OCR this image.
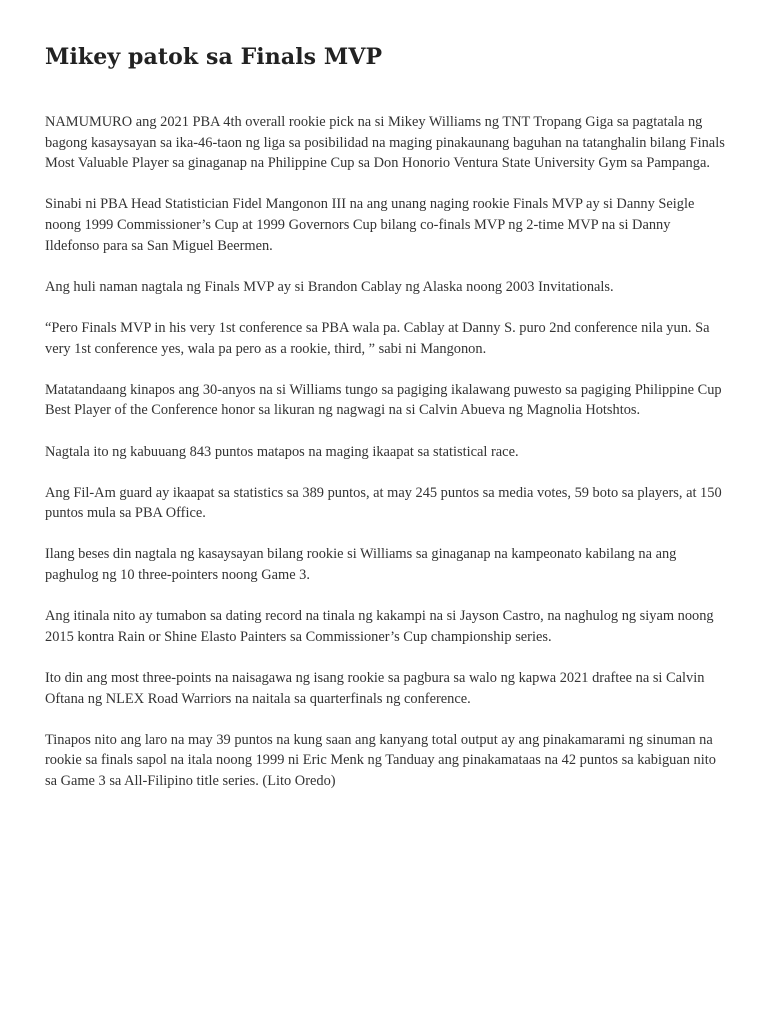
Mikey patok sa Finals MVP

NAMUMURO ang 2021 PBA 4th overall rookie pick na si Mikey Williams ng TNT Tropang Giga sa pagtatala ng bagong kasaysayan sa ika-46-taon ng liga sa posibilidad na maging pinakaunang baguhan na tatanghalin bilang Finals Most Valuable Player sa ginaganap na Philippine Cup sa Don Honorio Ventura State University Gym sa Pampanga.

Sinabi ni PBA Head Statistician Fidel Mangonon III na ang unang naging rookie Finals MVP ay si Danny Seigle noong 1999 Commissioner’s Cup at 1999 Governors Cup bilang co-finals MVP ng 2-time MVP na si Danny Ildefonso para sa San Miguel Beermen.

Ang huli naman nagtala ng Finals MVP ay si Brandon Cablay ng Alaska noong 2003 Invitationals.

“Pero Finals MVP in his very 1st conference sa PBA wala pa. Cablay at Danny S. puro 2nd conference nila yun. Sa very 1st conference yes, wala pa pero as a rookie, third, ” sabi ni Mangonon.

Matatandaang kinapos ang 30-anyos na si Williams tungo sa pagiging ikalawang puwesto sa pagiging Philippine Cup Best Player of the Conference honor sa likuran ng nagwagi na si Calvin Abueva ng Magnolia Hotshtos.

Nagtala ito ng kabuuang 843 puntos matapos na maging ikaapat sa statistical race.

Ang Fil-Am guard ay ikaapat sa statistics sa 389 puntos, at may 245 puntos sa media votes, 59 boto sa players, at 150 puntos mula sa PBA Office.

Ilang beses din nagtala ng kasaysayan bilang rookie si Williams sa ginaganap na kampeonato kabilang na ang paghulog ng 10 three-pointers noong Game 3.

Ang itinala nito ay tumabon sa dating record na tinala ng kakampi na si Jayson Castro, na naghulog ng siyam noong 2015 kontra Rain or Shine Elasto Painters sa Commissioner’s Cup championship series.

Ito din ang most three-points na naisagawa ng isang rookie sa pagbura sa walo ng kapwa 2021 draftee na si Calvin Oftana ng NLEX Road Warriors na naitala sa quarterfinals ng conference.

Tinapos nito ang laro na may 39 puntos na kung saan ang kanyang total output ay ang pinakamarami ng sinuman na rookie sa finals sapol na itala noong 1999 ni Eric Menk ng Tanduay ang pinakamataas na 42 puntos sa kabiguan nito sa Game 3 sa All-Filipino title series. (Lito Oredo)
